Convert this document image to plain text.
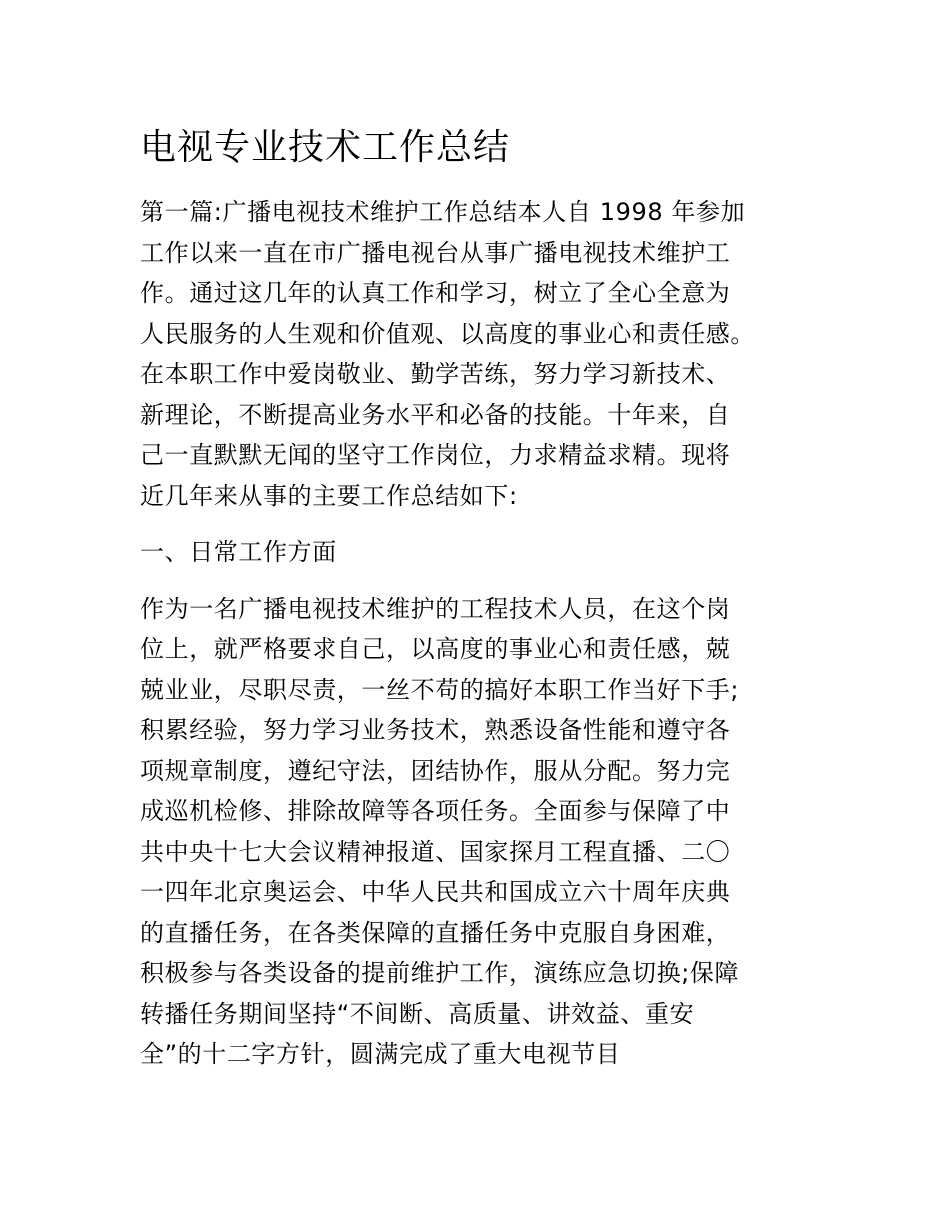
电视专业技术工作总结
第一篇:广播电视技术维护工作总结本人自 1998 年参加
工作以来一直在市广播电视台从事广播电视技术维护工
作。通过这几年的认真工作和学习，树立了全心全意为
人民服务的人生观和价值观、以高度的事业心和责任感。
在本职工作中爱岗敬业、勤学苦练，努力学习新技术、
新理论，不断提高业务水平和必备的技能。十年来，自
己一直默默无闻的坚守工作岗位，力求精益求精。现将
近几年来从事的主要工作总结如下:
一、日常工作方面
作为一名广播电视技术维护的工程技术人员，在这个岗
位上，就严格要求自己，以高度的事业心和责任感，兢
兢业业，尽职尽责，一丝不苟的搞好本职工作当好下手;
积累经验，努力学习业务技术，熟悉设备性能和遵守各
项规章制度，遵纪守法，团结协作，服从分配。努力完
成巡机检修、排除故障等各项任务。全面参与保障了中
共中央十七大会议精神报道、国家探月工程直播、二〇
一四年北京奥运会、中华人民共和国成立六十周年庆典
的直播任务，在各类保障的直播任务中克服自身困难，
积极参与各类设备的提前维护工作，演练应急切换;保障
转播任务期间坚持“不间断、高质量、讲效益、重安
全”的十二字方针，圆满完成了重大电视节目
